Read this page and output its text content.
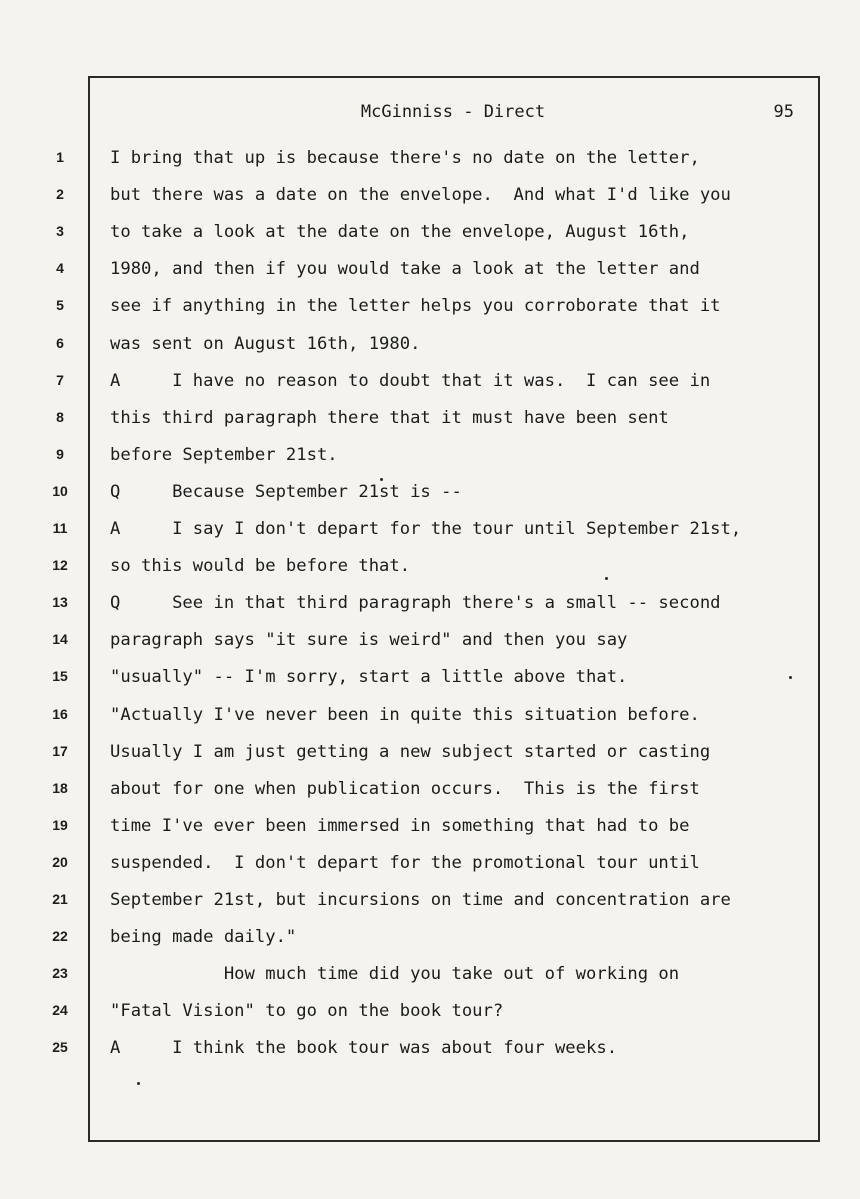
McGinniss - Direct	95
1	I bring that up is because there's no date on the letter,
2	but there was a date on the envelope.  And what I'd like you
3	to take a look at the date on the envelope, August 16th,
4	1980, and then if you would take a look at the letter and
5	see if anything in the letter helps you corroborate that it
6	was sent on August 16th, 1980.
7	A     I have no reason to doubt that it was.  I can see in
8	this third paragraph there that it must have been sent
9	before September 21st.
10	Q     Because September 21st is --
11	A     I say I don't depart for the tour until September 21st,
12	so this would be before that.
13	Q     See in that third paragraph there's a small -- second
14	paragraph says "it sure is weird" and then you say
15	"usually" -- I'm sorry, start a little above that.
16	"Actually I've never been in quite this situation before.
17	Usually I am just getting a new subject started or casting
18	about for one when publication occurs.  This is the first
19	time I've ever been immersed in something that had to be
20	suspended.  I don't depart for the promotional tour until
21	September 21st, but incursions on time and concentration are
22	being made daily."
23	How much time did you take out of working on
24	"Fatal Vision" to go on the book tour?
25	A     I think the book tour was about four weeks.
